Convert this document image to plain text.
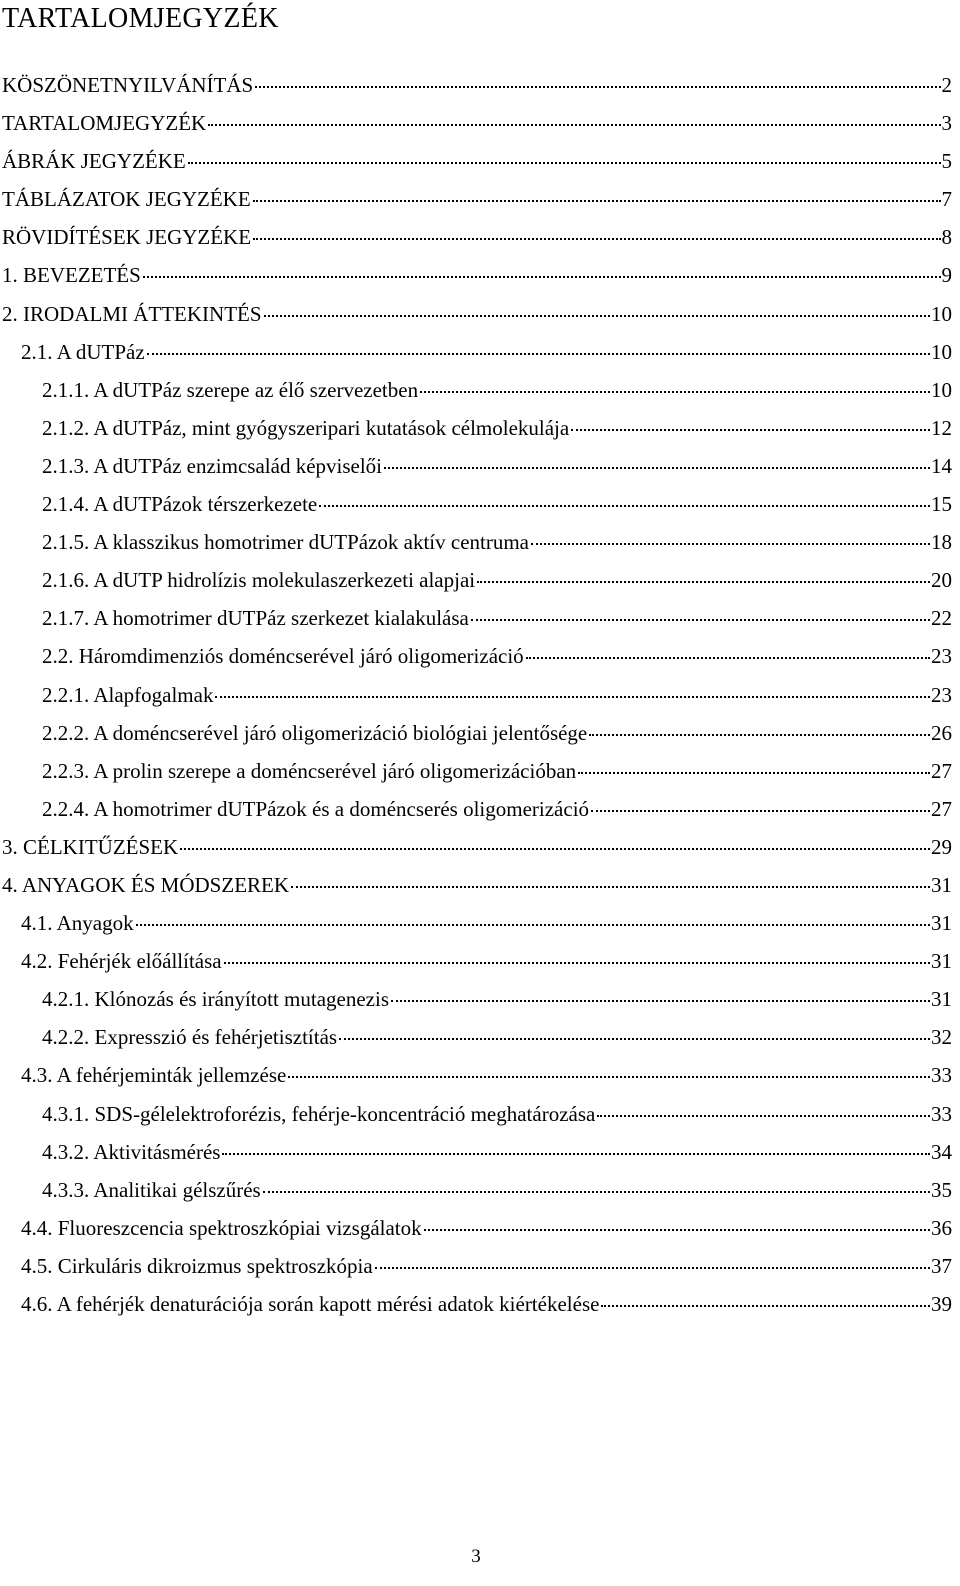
TARTALOMJEGYZÉK
KÖSZÖNETNYILVÁNÍTÁS	2
TARTALOMJEGYZÉK	3
ÁBRÁK JEGYZÉKE	5
TÁBLÁZATOK JEGYZÉKE	7
RÖVIDÍTÉSEK JEGYZÉKE	8
1. BEVEZETÉS	9
2. IRODALMI ÁTTEKINTÉS	10
2.1. A dUTPáz	10
2.1.1. A dUTPáz szerepe az élő szervezetben	10
2.1.2. A dUTPáz, mint gyógyszeripari kutatások célmolekulája	12
2.1.3. A dUTPáz enzimcsalád képviselői	14
2.1.4. A dUTPázok térszerkezete	15
2.1.5. A klasszikus homotrimer dUTPázok aktív centruma	18
2.1.6. A dUTP hidrolízis molekulaszerkezeti alapjai	20
2.1.7. A homotrimer dUTPáz szerkezet kialakulása	22
2.2. Háromdimenziós doméncserével járó oligomerizáció	23
2.2.1. Alapfogalmak	23
2.2.2. A doméncserével járó oligomerizáció biológiai jelentősége	26
2.2.3. A prolin szerepe a doméncserével járó oligomerizációban	27
2.2.4. A homotrimer dUTPázok és a doméncserés oligomerizáció	27
3. CÉLKITŰZÉSEK	29
4. ANYAGOK ÉS MÓDSZEREK	31
4.1. Anyagok	31
4.2. Fehérjék előállítása	31
4.2.1. Klónozás és irányított mutagenezis	31
4.2.2. Expresszió és fehérjetisztítás	32
4.3. A fehérjeminták jellemzése	33
4.3.1. SDS-gélelektroforézis, fehérje-koncentráció meghatározása	33
4.3.2. Aktivitásmérés	34
4.3.3. Analitikai gélszűrés	35
4.4. Fluoreszcencia spektroszkópiai vizsgálatok	36
4.5. Cirkuláris dikroizmus spektroszkópia	37
4.6. A fehérjék denaturációja során kapott mérési adatok kiértékelése	39
3
